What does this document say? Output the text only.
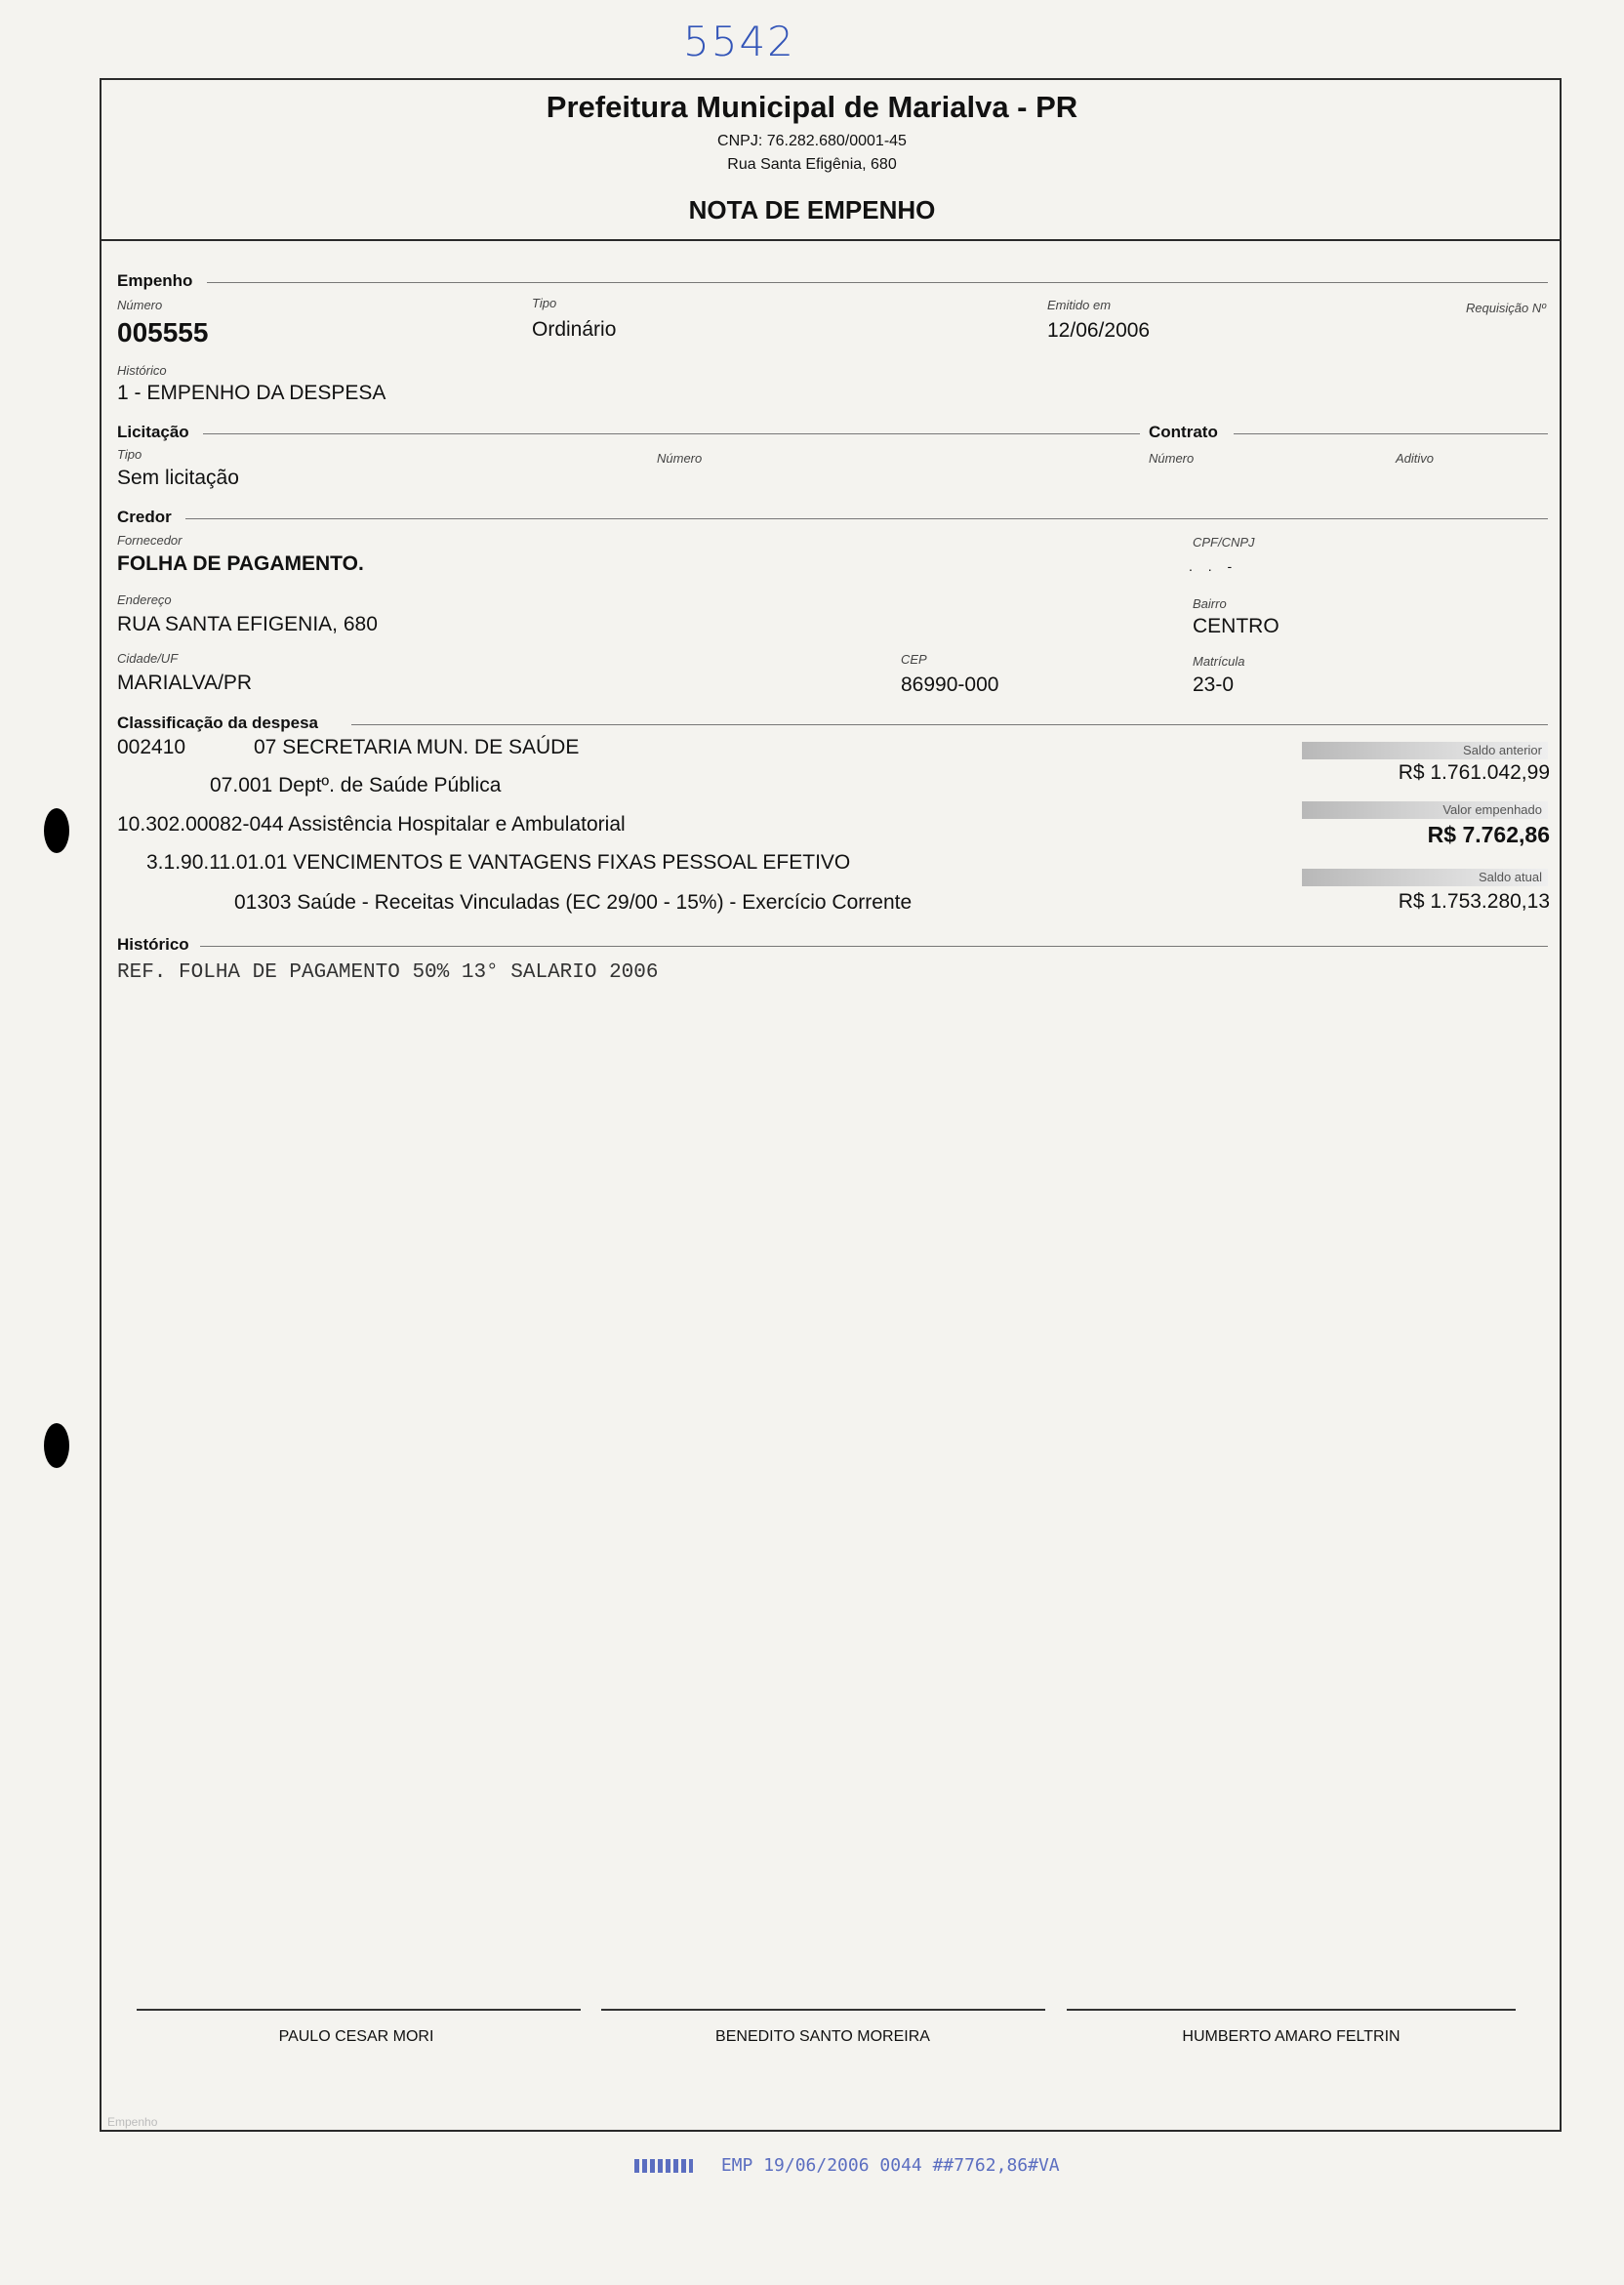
5542
Prefeitura Municipal de Marialva - PR
CNPJ: 76.282.680/0001-45
Rua Santa Efigênia, 680
NOTA DE EMPENHO
Empenho
Número
005555
Tipo
Ordinário
Emitido em
12/06/2006
Requisição Nº
Histórico
1 - EMPENHO DA DESPESA
Licitação	Contrato
Tipo
Sem licitação
Número	Número	Aditivo
Credor
Fornecedor
FOLHA DE PAGAMENTO.
CPF/CNPJ
. . -
Endereço
RUA SANTA EFIGENIA, 680
Bairro
CENTRO
Cidade/UF
MARIALVA/PR
CEP
86990-000
Matrícula
23-0
Classificação da despesa
002410	07 SECRETARIA MUN. DE SAÚDE
07.001 Deptº. de Saúde Pública
10.302.00082-044 Assistência Hospitalar e Ambulatorial
3.1.90.11.01.01 VENCIMENTOS E VANTAGENS FIXAS PESSOAL EFETIVO
01303 Saúde - Receitas Vinculadas (EC 29/00 - 15%) - Exercício Corrente
Saldo anterior
R$ 1.761.042,99
Valor empenhado
R$ 7.762,86
Saldo atual
R$ 1.753.280,13
Histórico
REF. FOLHA DE PAGAMENTO 50% 13° SALARIO 2006
PAULO CESAR MORI	BENEDITO SANTO MOREIRA	HUMBERTO AMARO FELTRIN
Empenho
EMP 19/06/2006 0044 ##7762,86#VA
